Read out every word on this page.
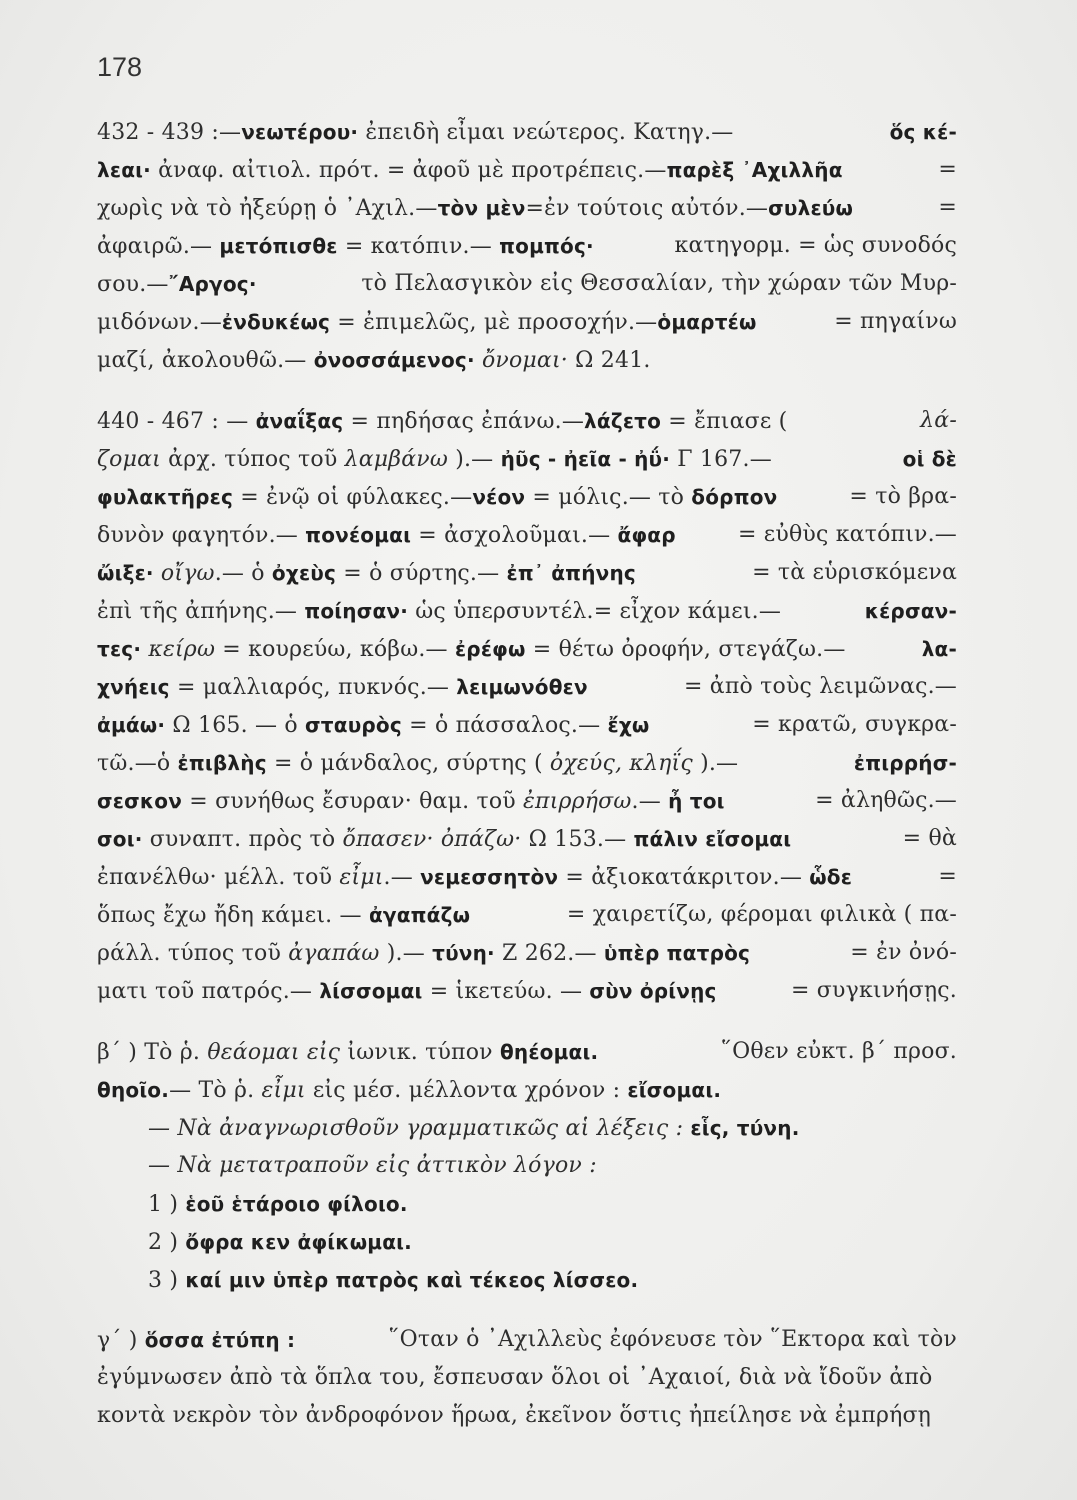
178
432 - 439 :—νεωτέρου· ἐπειδὴ εἶμαι νεώτερος. Κατηγ.—	ὅς κέ-
λεαι· ἀναφ. αἰτιολ. πρότ. = ἀφοῦ μὲ προτρέπεις.—παρὲξ ᾿Αχιλλῆα	=
χωρὶς νὰ τὸ ἠξεύρῃ ὁ ᾿Αχιλ.—τὸν μὲν=ἐν τούτοις αὐτόν.—συλεύω	=
ἀφαιρῶ.— μετόπισθε = κατόπιν.— πομπός·	κατηγορμ. = ὡς συνοδός
σου.—῎Αργος·	τὸ Πελασγικὸν εἰς Θεσσαλίαν, τὴν χώραν τῶν Μυρ-
μιδόνων.—ἐνδυκέως = ἐπιμελῶς, μὲ προσοχήν.—ὁμαρτέω	= πηγαίνω
μαζί, ἀκολουθῶ.— ὀνοσσάμενος· ὄνομαι· Ω 241.
440 - 467 : — ἀναΐξας = πηδήσας ἐπάνω.—λάζετο = ἔπιασε (	λά-
ζομαι ἀρχ. τύπος τοῦ λαμβάνω ).— ἠῦς - ἠεῖα - ἠΰ· Γ 167.—	οἱ δὲ
φυλακτῆρες = ἐνῷ οἱ φύλακες.—νέον = μόλις.— τὸ δόρπον	= τὸ βρα-
δυνὸν φαγητόν.— πονέομαι = ἀσχολοῦμαι.— ἄφαρ	= εὐθὺς κατόπιν.—
ὤιξε· οἴγω.— ὁ ὀχεὺς = ὁ σύρτης.— ἐπ᾽ ἀπήνης	= τὰ εὑρισκόμενα
ἐπὶ τῆς ἀπήνης.— ποίησαν· ὡς ὑπερσυντέλ.= εἶχον κάμει.—	κέρσαν-
τες· κείρω = κουρεύω, κόβω.— ἐρέφω = θέτω ὀροφήν, στεγάζω.—	λα-
χνήεις = μαλλιαρός, πυκνός.— λειμωνόθεν	= ἀπὸ τοὺς λειμῶνας.—
ἀμάω· Ω 165. — ὁ σταυρὸς = ὁ πάσσαλος.— ἔχω	= κρατῶ, συγκρα-
τῶ.—ὁ ἐπιβλὴς = ὁ μάνδαλος, σύρτης ( ὀχεύς, κληΐς ).—	ἐπιρρήσ-
σεσκον = συνήθως ἔσυραν· θαμ. τοῦ ἐπιρρήσω.— ἦ τοι	= ἀληθῶς.—
σοι· συναπτ. πρὸς τὸ ὄπασεν· ὀπάζω· Ω 153.— πάλιν εἴσομαι	= θὰ
ἐπανέλθω· μέλλ. τοῦ εἶμι.— νεμεσσητὸν = ἀξιοκατάκριτον.— ὧδε	=
ὅπως ἔχω ἤδη κάμει. — ἀγαπάζω	= χαιρετίζω, φέρομαι φιλικὰ ( πα-
ράλλ. τύπος τοῦ ἀγαπάω ).— τύνη· Ζ 262.— ὑπὲρ πατρὸς	= ἐν ὀνό-
ματι τοῦ πατρός.— λίσσομαι = ἱκετεύω. — σὺν ὀρίνῃς	= συγκινήσῃς.
β΄ ) Τὸ ῥ. θεάομαι εἰς ἰωνικ. τύπον θηέομαι.	῞Οθεν εὐκτ. β΄ προσ.
θηοῖο.— Τὸ ῥ. εἶμι εἰς μέσ. μέλλοντα χρόνον : εἴσομαι.
— Νὰ ἀναγνωρισθοῦν γραμματικῶς αἱ λέξεις : εἷς, τύνη.
— Νὰ μετατραποῦν εἰς ἀττικὸν λόγον :
1 ) ἑοῦ ἑτάροιο φίλοιο.
2 ) ὄφρα κεν ἀφίκωμαι.
3 ) καί μιν ὑπὲρ πατρὸς καὶ τέκεος λίσσεο.
γ΄ ) ὅσσα ἐτύπη :	῞Οταν ὁ ᾿Αχιλλεὺς ἐφόνευσε τὸν ῞Εκτορα καὶ τὸν
ἐγύμνωσεν ἀπὸ τὰ ὅπλα του, ἔσπευσαν ὅλοι οἱ ᾿Αχαιοί, διὰ νὰ ἴδοῦν ἀπὸ
κοντὰ νεκρὸν τὸν ἀνδροφόνον ἥρωα, ἐκεῖνον ὅστις ἠπείλησε νὰ ἐμπρήσῃ
